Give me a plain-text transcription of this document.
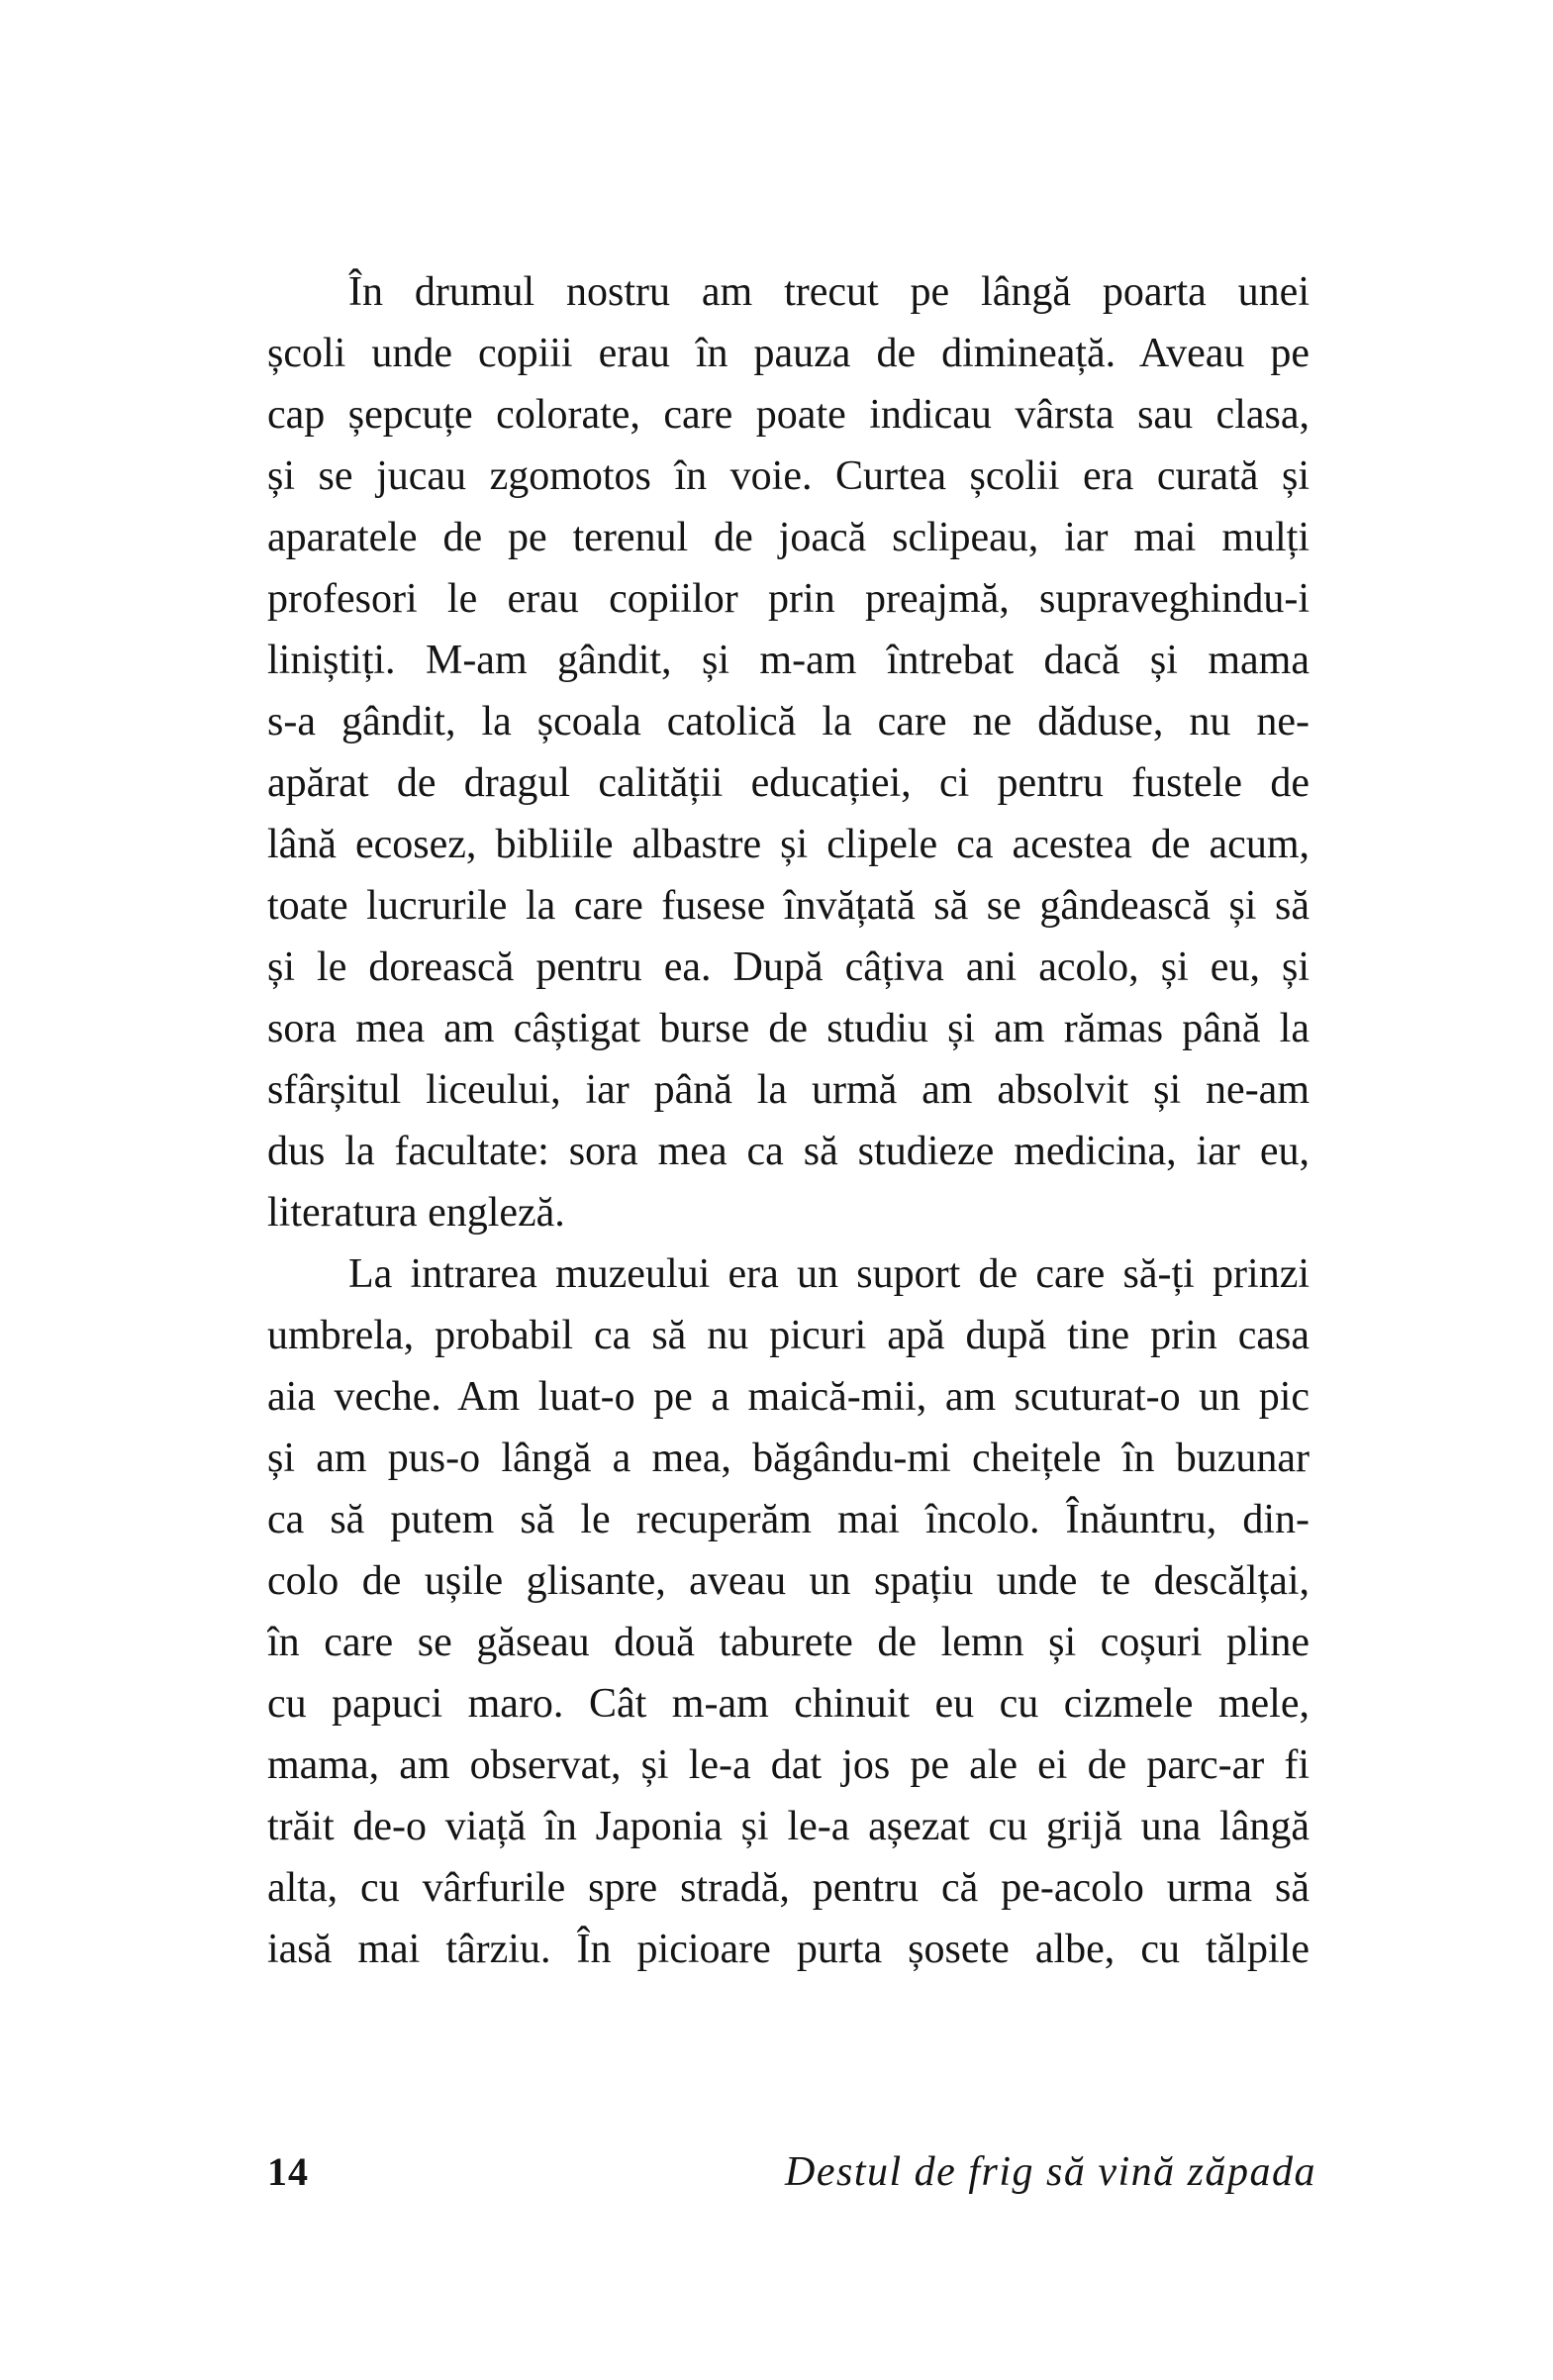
În drumul nostru am trecut pe lângă poarta unei
școli unde copiii erau în pauza de dimineață. Aveau pe
cap șepcuțe colorate, care poate indicau vârsta sau clasa,
și se jucau zgomotos în voie. Curtea școlii era curată și
aparatele de pe terenul de joacă sclipeau, iar mai mulți
profesori le erau copiilor prin preajmă, supraveghindu-i
liniștiți. M-am gândit, și m-am întrebat dacă și mama
s-a gândit, la școala catolică la care ne dăduse, nu ne-
apărat de dragul calității educației, ci pentru fustele de
lână ecosez, bibliile albastre și clipele ca acestea de acum,
toate lucrurile la care fusese învățată să se gândească și să
și le dorească pentru ea. După câțiva ani acolo, și eu, și
sora mea am câștigat burse de studiu și am rămas până la
sfârșitul liceului, iar până la urmă am absolvit și ne-am
dus la facultate: sora mea ca să studieze medicina, iar eu,
literatura engleză.
La intrarea muzeului era un suport de care să-ți prinzi
umbrela, probabil ca să nu picuri apă după tine prin casa
aia veche. Am luat-o pe a maică-mii, am scuturat-o un pic
și am pus-o lângă a mea, băgându-mi cheițele în buzunar
ca să putem să le recuperăm mai încolo. Înăuntru, din-
colo de ușile glisante, aveau un spațiu unde te descălțai,
în care se găseau două taburete de lemn și coșuri pline
cu papuci maro. Cât m-am chinuit eu cu cizmele mele,
mama, am observat, și le-a dat jos pe ale ei de parc-ar fi
trăit de-o viață în Japonia și le-a așezat cu grijă una lângă
alta, cu vârfurile spre stradă, pentru că pe-acolo urma să
iasă mai târziu. În picioare purta șosete albe, cu tălpile
14	Destul de frig să vină zăpada
